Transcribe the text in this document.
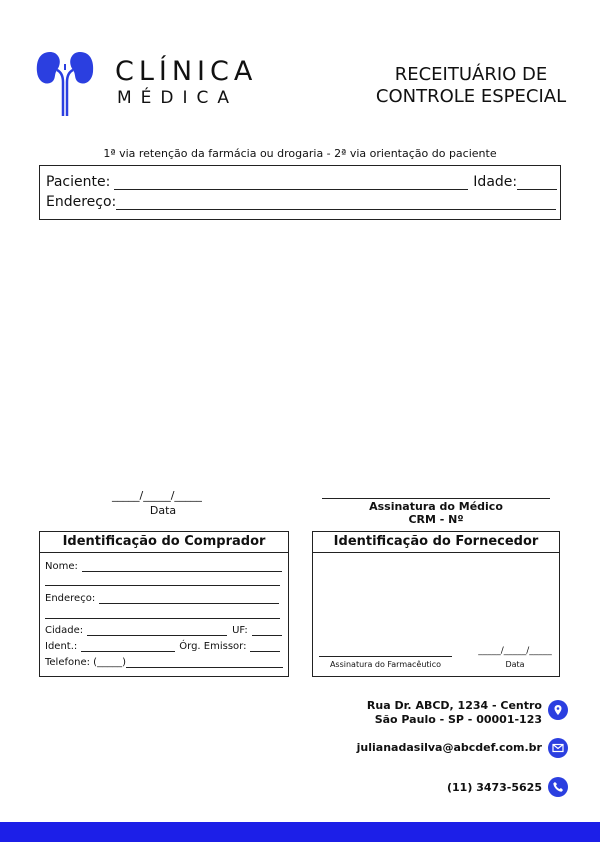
CLÍNICA
MÉDICA
RECEITUÁRIO DE
CONTROLE ESPECIAL
1ª via retenção da farmácia ou drogaria - 2ª via orientação do paciente
Paciente:	Idade:
Endereço:
_____/_____/_____
Data	Assinatura do Médico
CRM - Nº
Identificação do Comprador
Nome:
Endereço:
Cidade:	UF:
Ident.:	Órg. Emissor:
Telefone: (_____)
Identificação do Fornecedor
Assinatura do Farmacêutico
_____/_____/_____
Data
Rua Dr. ABCD, 1234 - Centro
São Paulo - SP - 00001-123
julianadasilva@abcdef.com.br
(11) 3473-5625
